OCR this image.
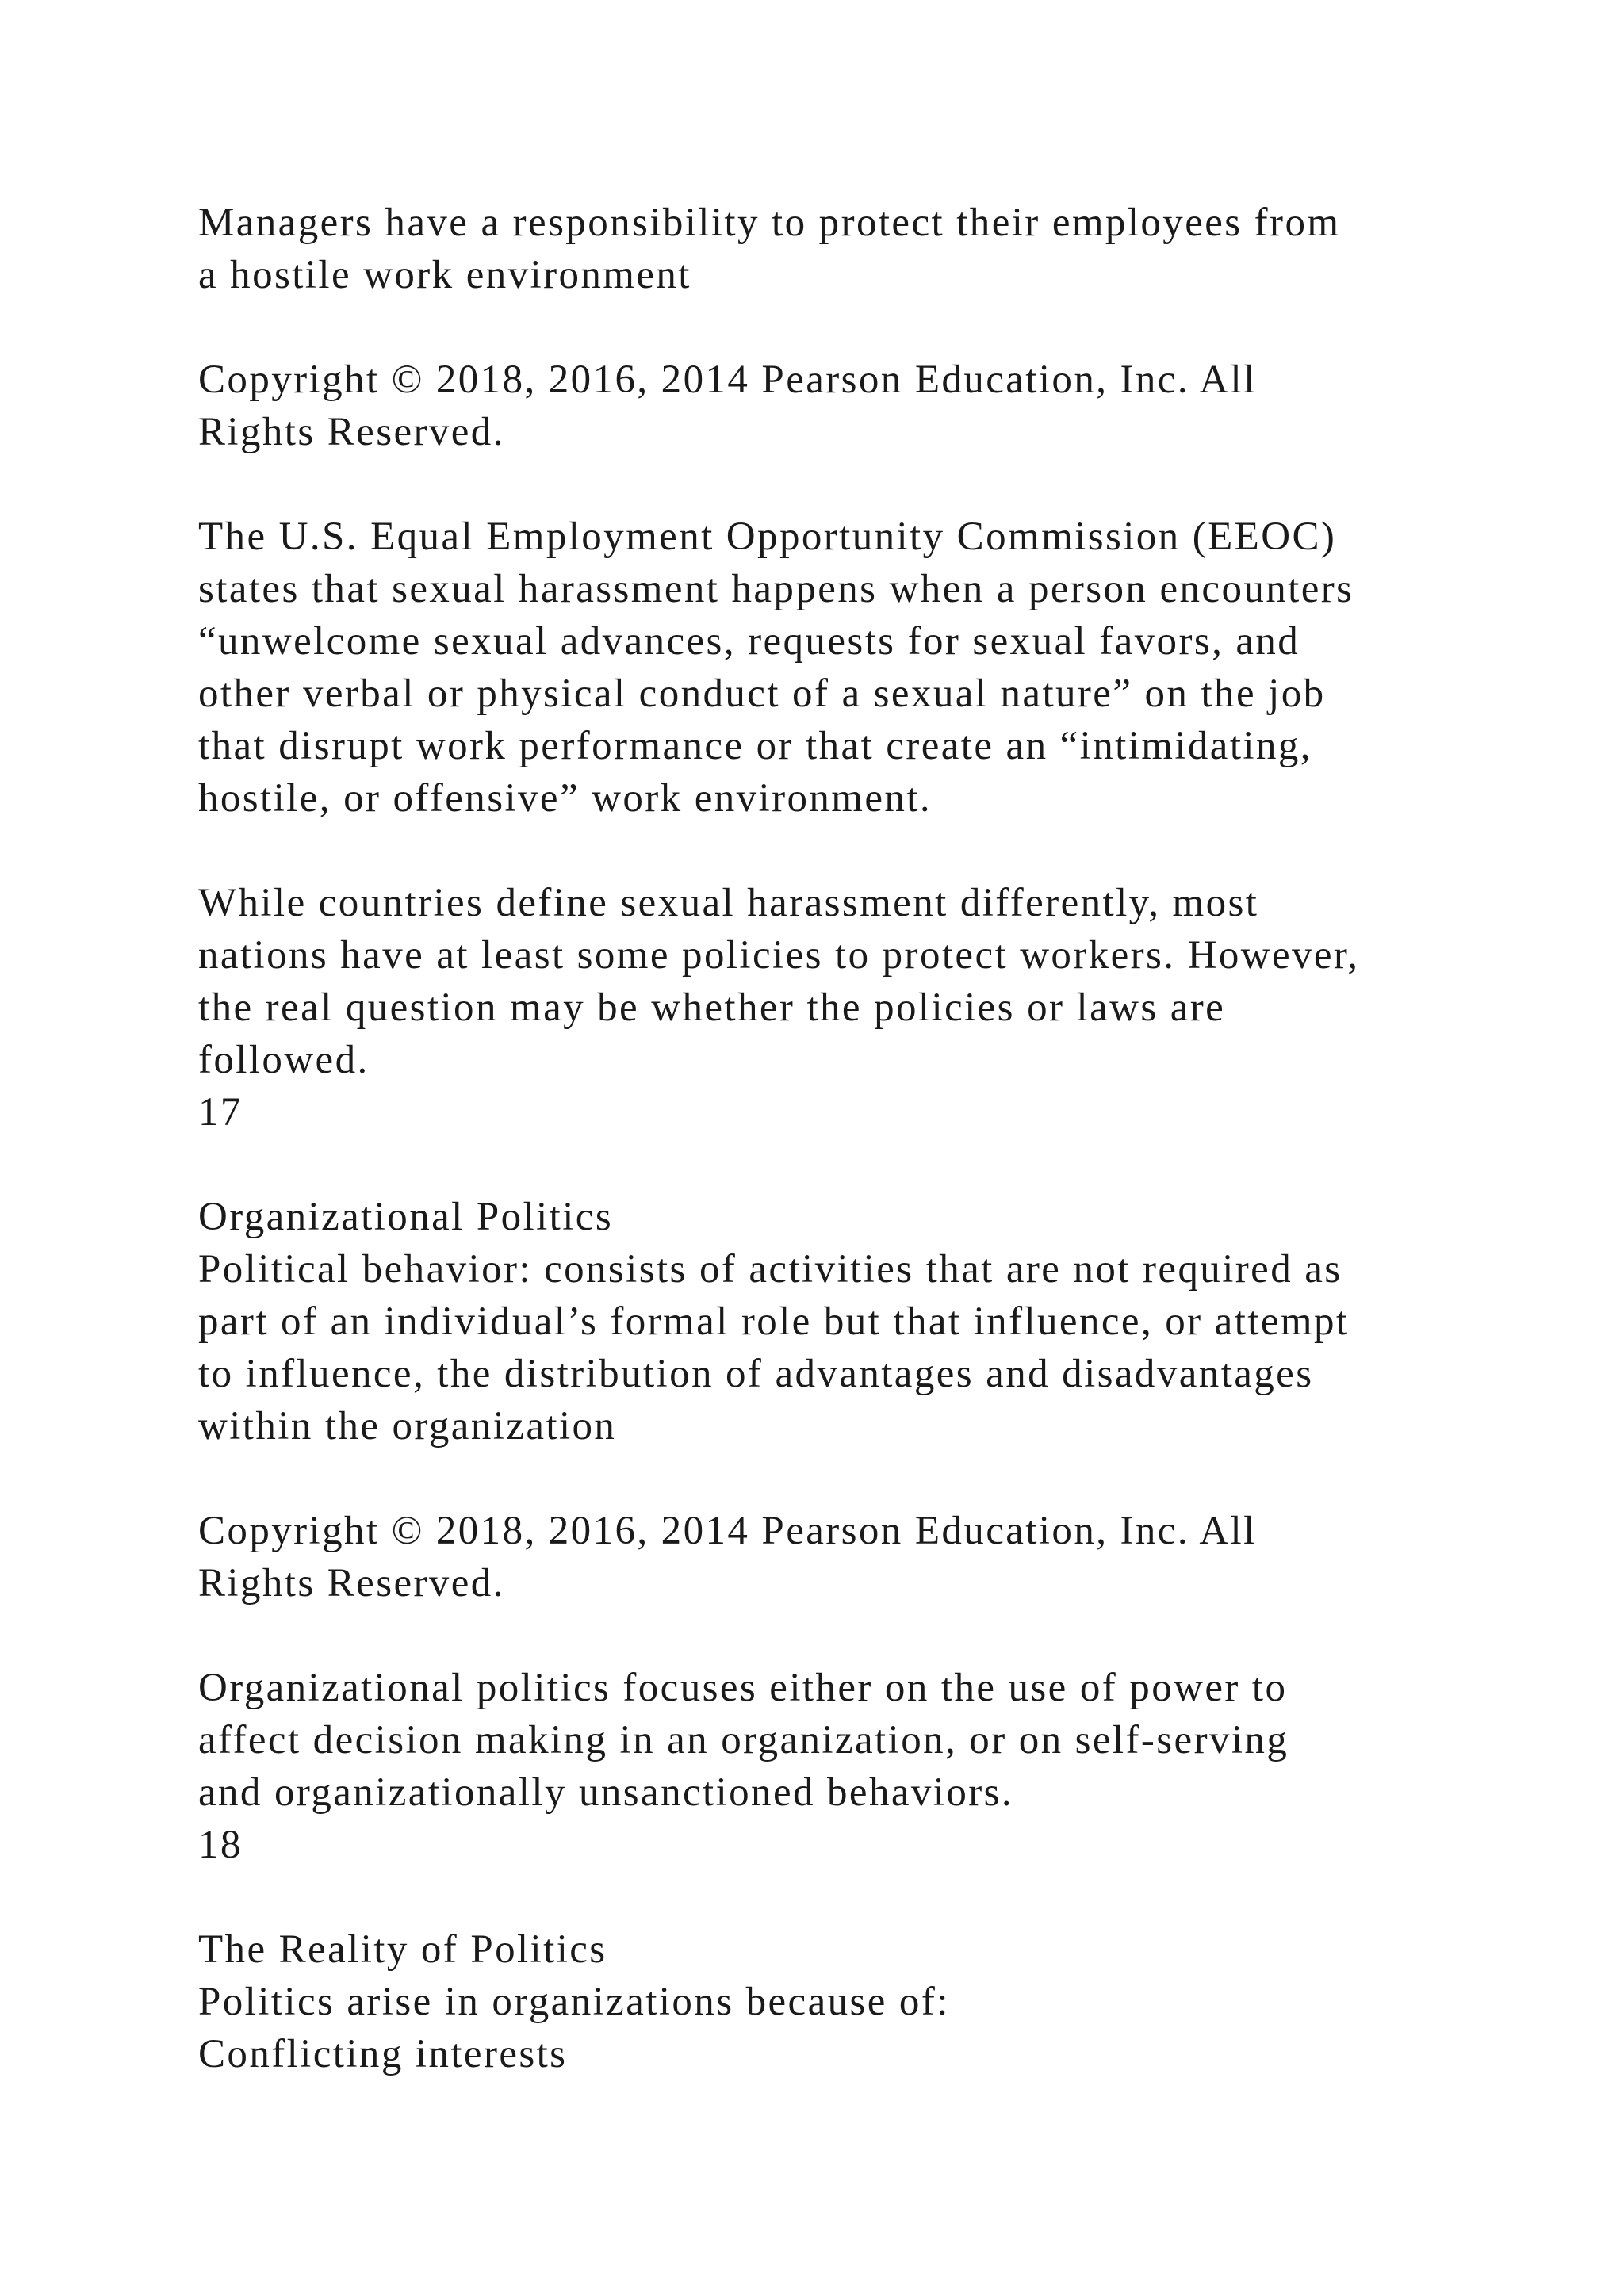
Managers have a responsibility to protect their employees from
a hostile work environment
Copyright © 2018, 2016, 2014 Pearson Education, Inc. All
Rights Reserved.
The U.S. Equal Employment Opportunity Commission (EEOC)
states that sexual harassment happens when a person encounters
“unwelcome sexual advances, requests for sexual favors, and
other verbal or physical conduct of a sexual nature” on the job
that disrupt work performance or that create an “intimidating,
hostile, or offensive” work environment.
While countries define sexual harassment differently, most
nations have at least some policies to protect workers. However,
the real question may be whether the policies or laws are
followed.
17
Organizational Politics
Political behavior: consists of activities that are not required as
part of an individual’s formal role but that influence, or attempt
to influence, the distribution of advantages and disadvantages
within the organization
Copyright © 2018, 2016, 2014 Pearson Education, Inc. All
Rights Reserved.
Organizational politics focuses either on the use of power to
affect decision making in an organization, or on self-serving
and organizationally unsanctioned behaviors.
18
The Reality of Politics
Politics arise in organizations because of:
Conflicting interests
